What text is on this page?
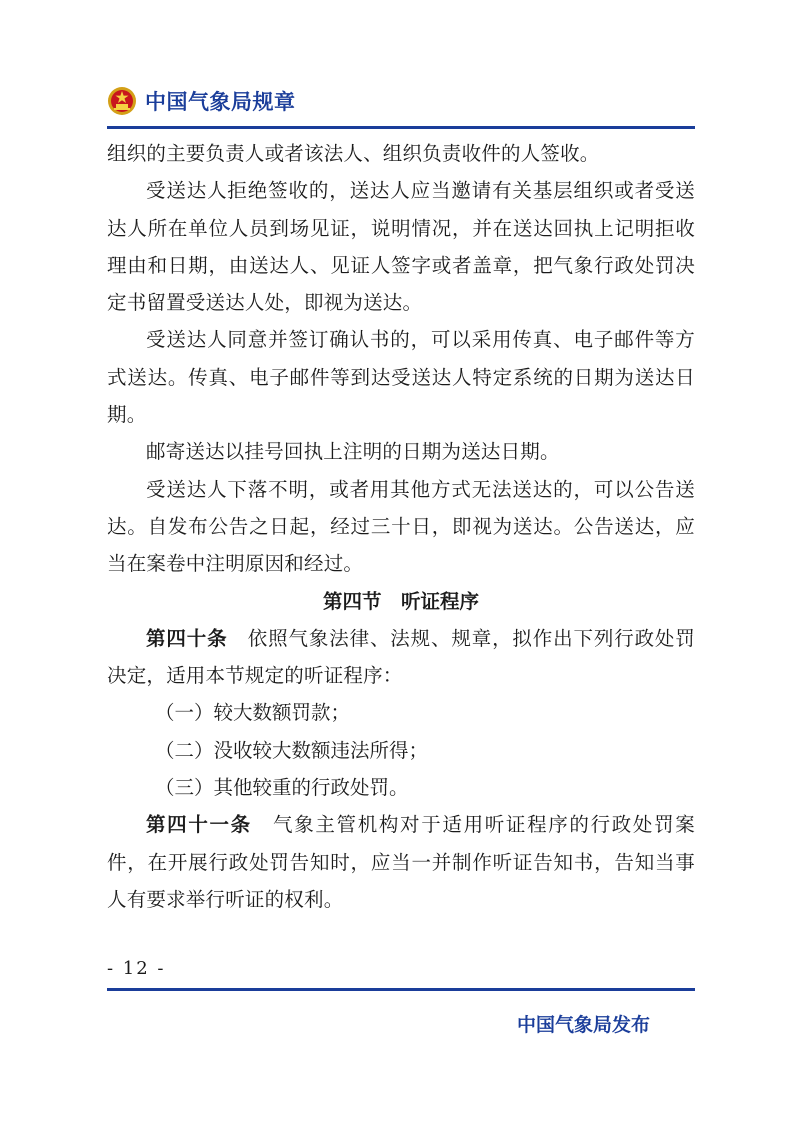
中国气象局规章

组织的主要负责人或者该法人、组织负责收件的人签收。

受送达人拒绝签收的，送达人应当邀请有关基层组织或者受送达人所在单位人员到场见证，说明情况，并在送达回执上记明拒收理由和日期，由送达人、见证人签字或者盖章，把气象行政处罚决定书留置受送达人处，即视为送达。

受送达人同意并签订确认书的，可以采用传真、电子邮件等方式送达。传真、电子邮件等到达受送达人特定系统的日期为送达日期。

邮寄送达以挂号回执上注明的日期为送达日期。

受送达人下落不明，或者用其他方式无法送达的，可以公告送达。自发布公告之日起，经过三十日，即视为送达。公告送达，应当在案卷中注明原因和经过。

第四节　听证程序

第四十条　 依照气象法律、法规、规章，拟作出下列行政处罚决定，适用本节规定的听证程序：

（一）较大数额罚款；

（二）没收较大数额违法所得；

（三）其他较重的行政处罚。

第四十一条　 气象主管机构对于适用听证程序的行政处罚案件，在开展行政处罚告知时，应当一并制作听证告知书，告知当事人有要求举行听证的权利。

- 12 -
中国气象局发布
